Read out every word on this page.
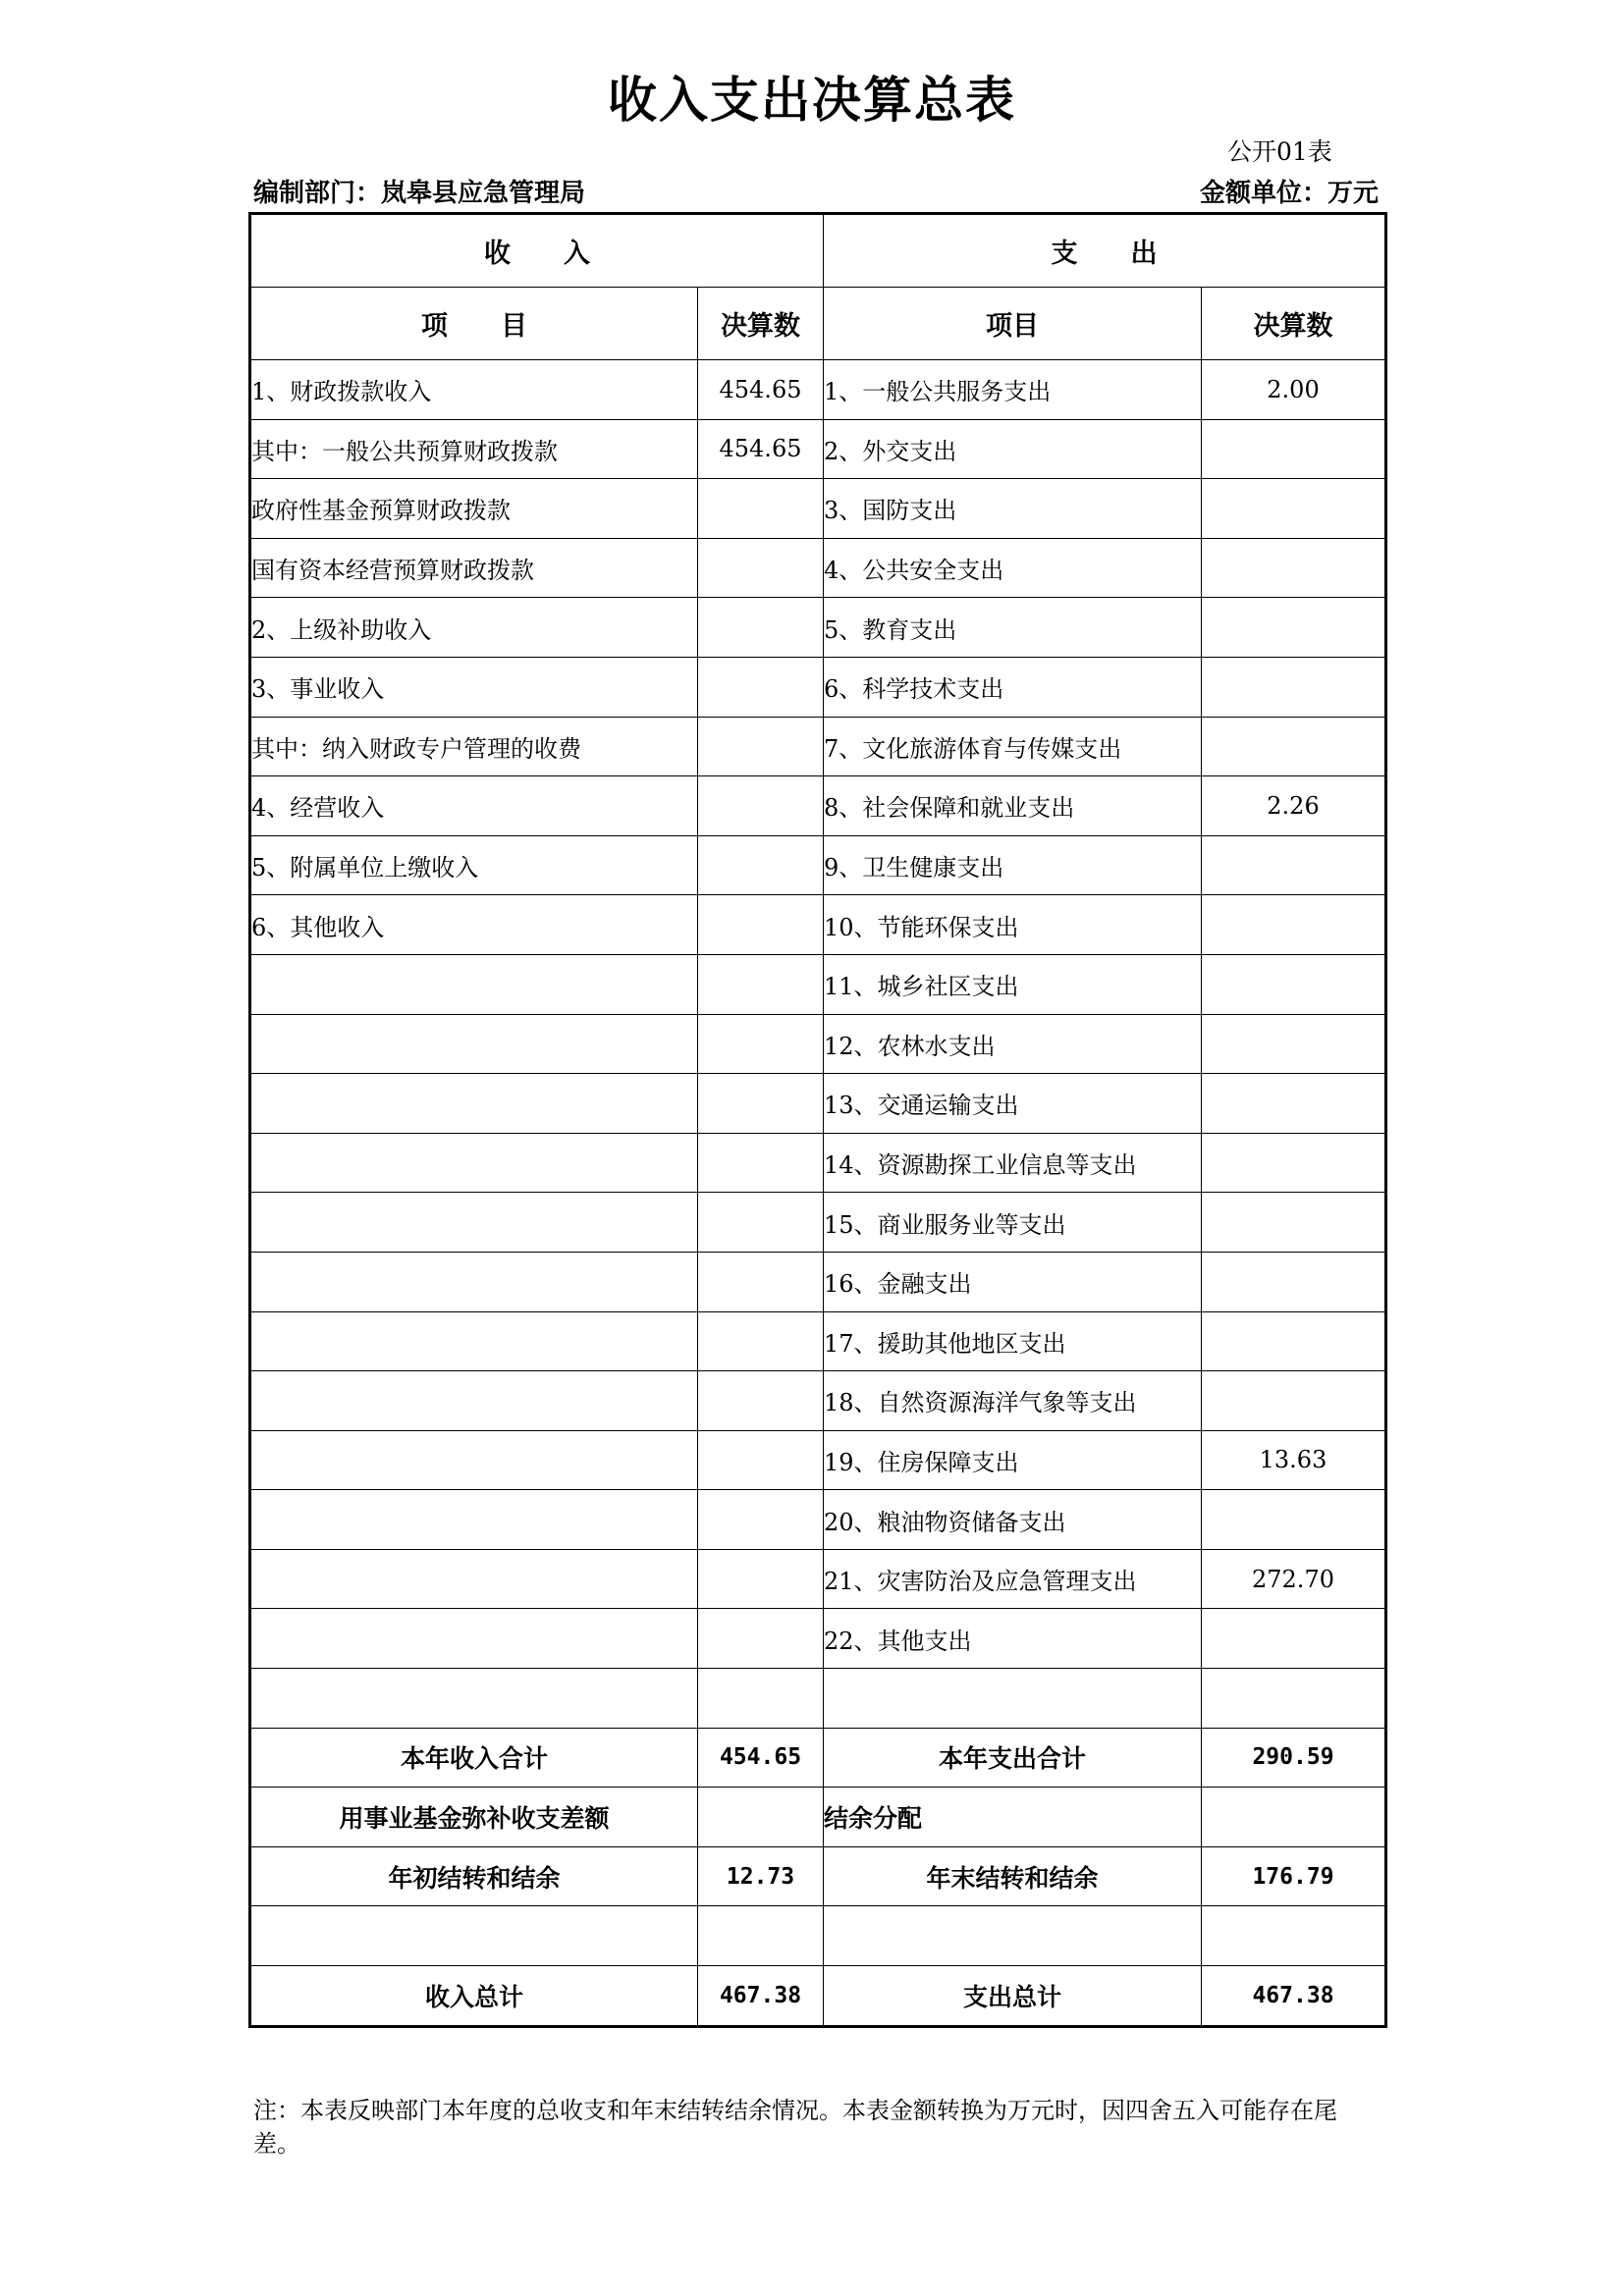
收入支出决算总表
公开01表
编制部门：岚皋县应急管理局	金额单位：万元
收　　入		支　　出	
项　　目	决算数	项目	决算数
1、财政拨款收入	454.65	1、一般公共服务支出	2.00
其中：一般公共预算财政拨款	454.65	2、外交支出	
政府性基金预算财政拨款		3、国防支出	
国有资本经营预算财政拨款		4、公共安全支出	
2、上级补助收入		5、教育支出	
3、事业收入		6、科学技术支出	
其中：纳入财政专户管理的收费		7、文化旅游体育与传媒支出	
4、经营收入		8、社会保障和就业支出	2.26
5、附属单位上缴收入		9、卫生健康支出	
6、其他收入		10、节能环保支出	
		11、城乡社区支出	
		12、农林水支出	
		13、交通运输支出	
		14、资源勘探工业信息等支出	
		15、商业服务业等支出	
		16、金融支出	
		17、援助其他地区支出	
		18、自然资源海洋气象等支出	
		19、住房保障支出	13.63
		20、粮油物资储备支出	
		21、灾害防治及应急管理支出	272.70
		22、其他支出	

本年收入合计	454.65	本年支出合计	290.59
用事业基金弥补收支差额		结余分配	
年初结转和结余	12.73	年末结转和结余	176.79

收入总计	467.38	支出总计	467.38
注：本表反映部门本年度的总收支和年末结转结余情况。本表金额转换为万元时，因四舍五入可能存在尾差。
